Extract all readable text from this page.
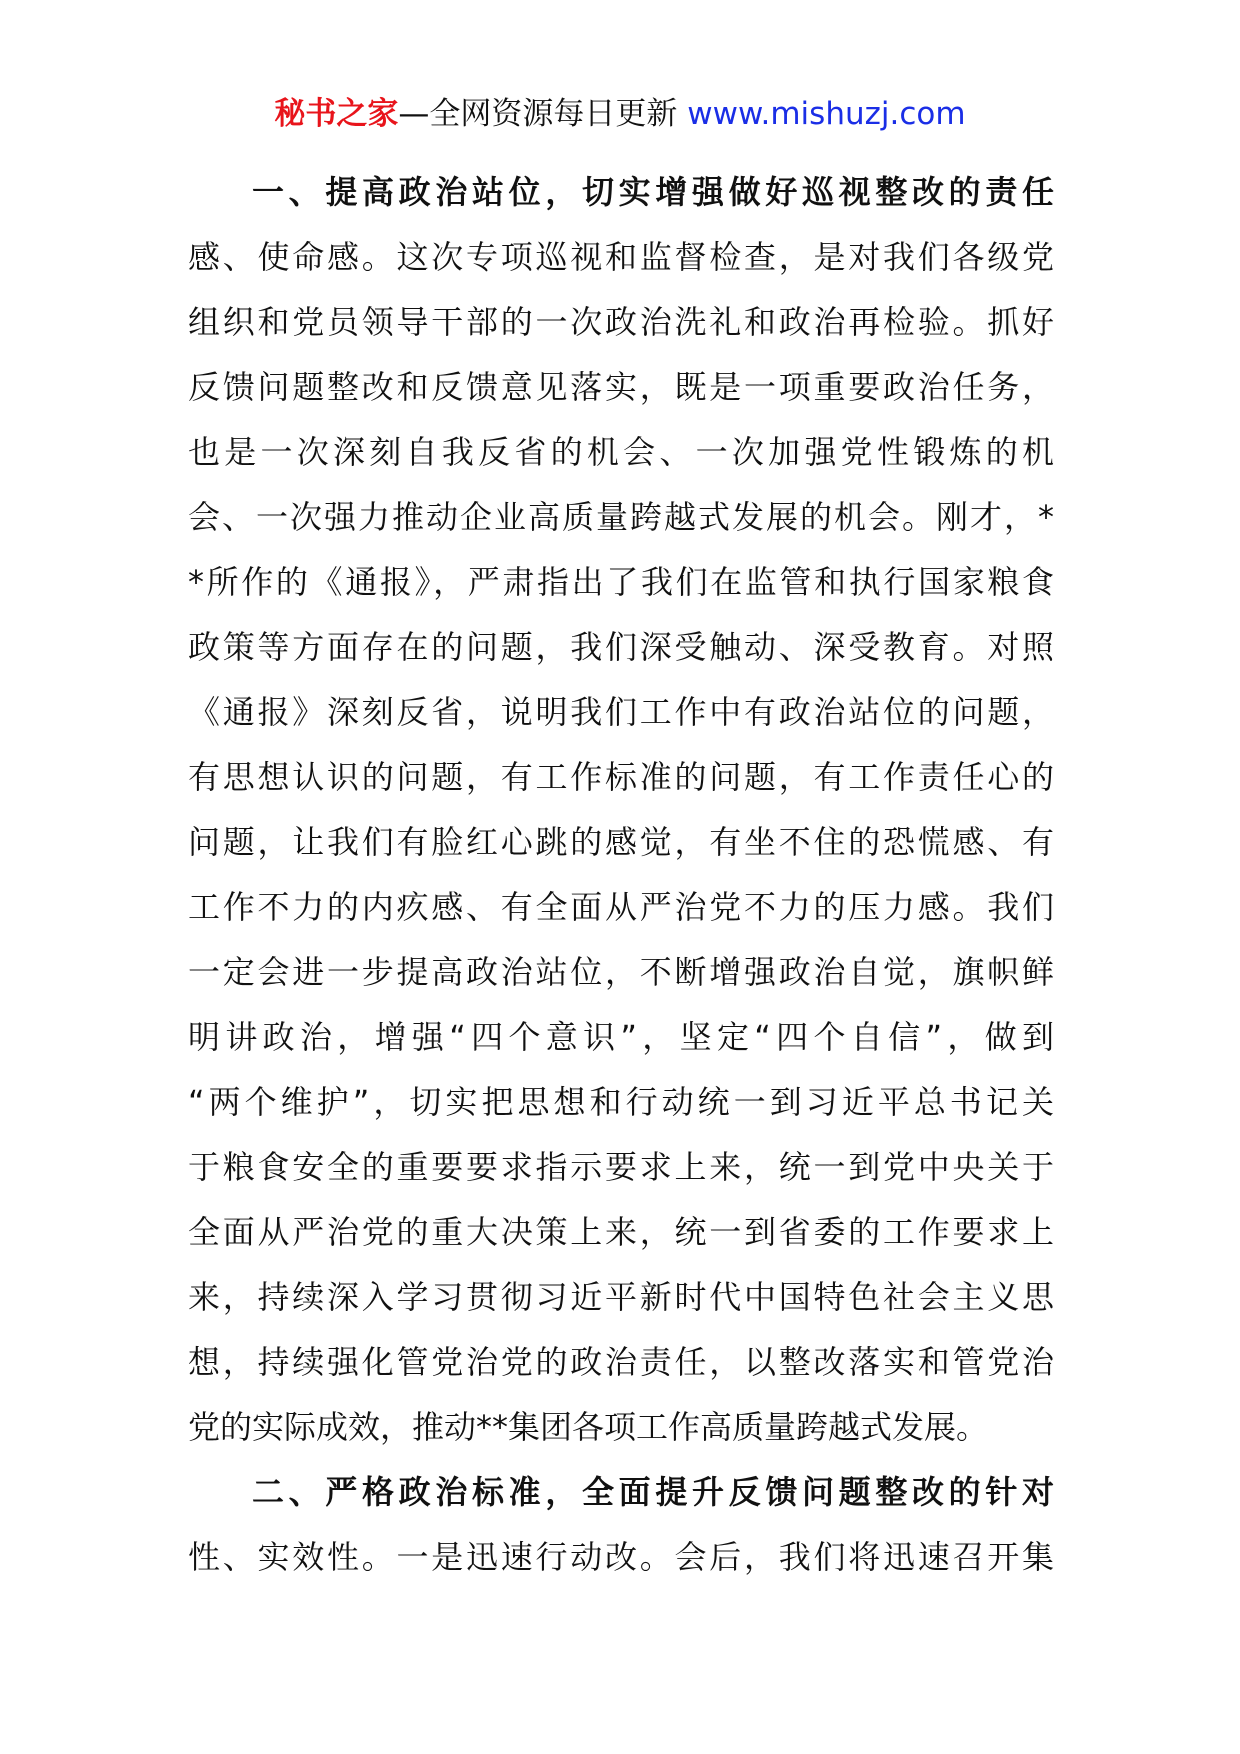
秘书之家—全网资源每日更新 www.mishuzj.com
一、提高政治站位，切实增强做好巡视整改的责任
感、使命感。这次专项巡视和监督检查，是对我们各级党
组织和党员领导干部的一次政治洗礼和政治再检验。抓好
反馈问题整改和反馈意见落实，既是一项重要政治任务，
也是一次深刻自我反省的机会、一次加强党性锻炼的机
会、一次强力推动企业高质量跨越式发展的机会。刚才，*
*所作的《通报》，严肃指出了我们在监管和执行国家粮食
政策等方面存在的问题，我们深受触动、深受教育。对照
《通报》深刻反省，说明我们工作中有政治站位的问题，
有思想认识的问题，有工作标准的问题，有工作责任心的
问题，让我们有脸红心跳的感觉，有坐不住的恐慌感、有
工作不力的内疚感、有全面从严治党不力的压力感。我们
一定会进一步提高政治站位，不断增强政治自觉，旗帜鲜
明讲政治，增强“四个意识”，坚定“四个自信”，做到
“两个维护”，切实把思想和行动统一到习近平总书记关
于粮食安全的重要要求指示要求上来，统一到党中央关于
全面从严治党的重大决策上来，统一到省委的工作要求上
来，持续深入学习贯彻习近平新时代中国特色社会主义思
想，持续强化管党治党的政治责任，以整改落实和管党治
党的实际成效，推动**集团各项工作高质量跨越式发展。
二、严格政治标准，全面提升反馈问题整改的针对
性、实效性。一是迅速行动改。会后，我们将迅速召开集
